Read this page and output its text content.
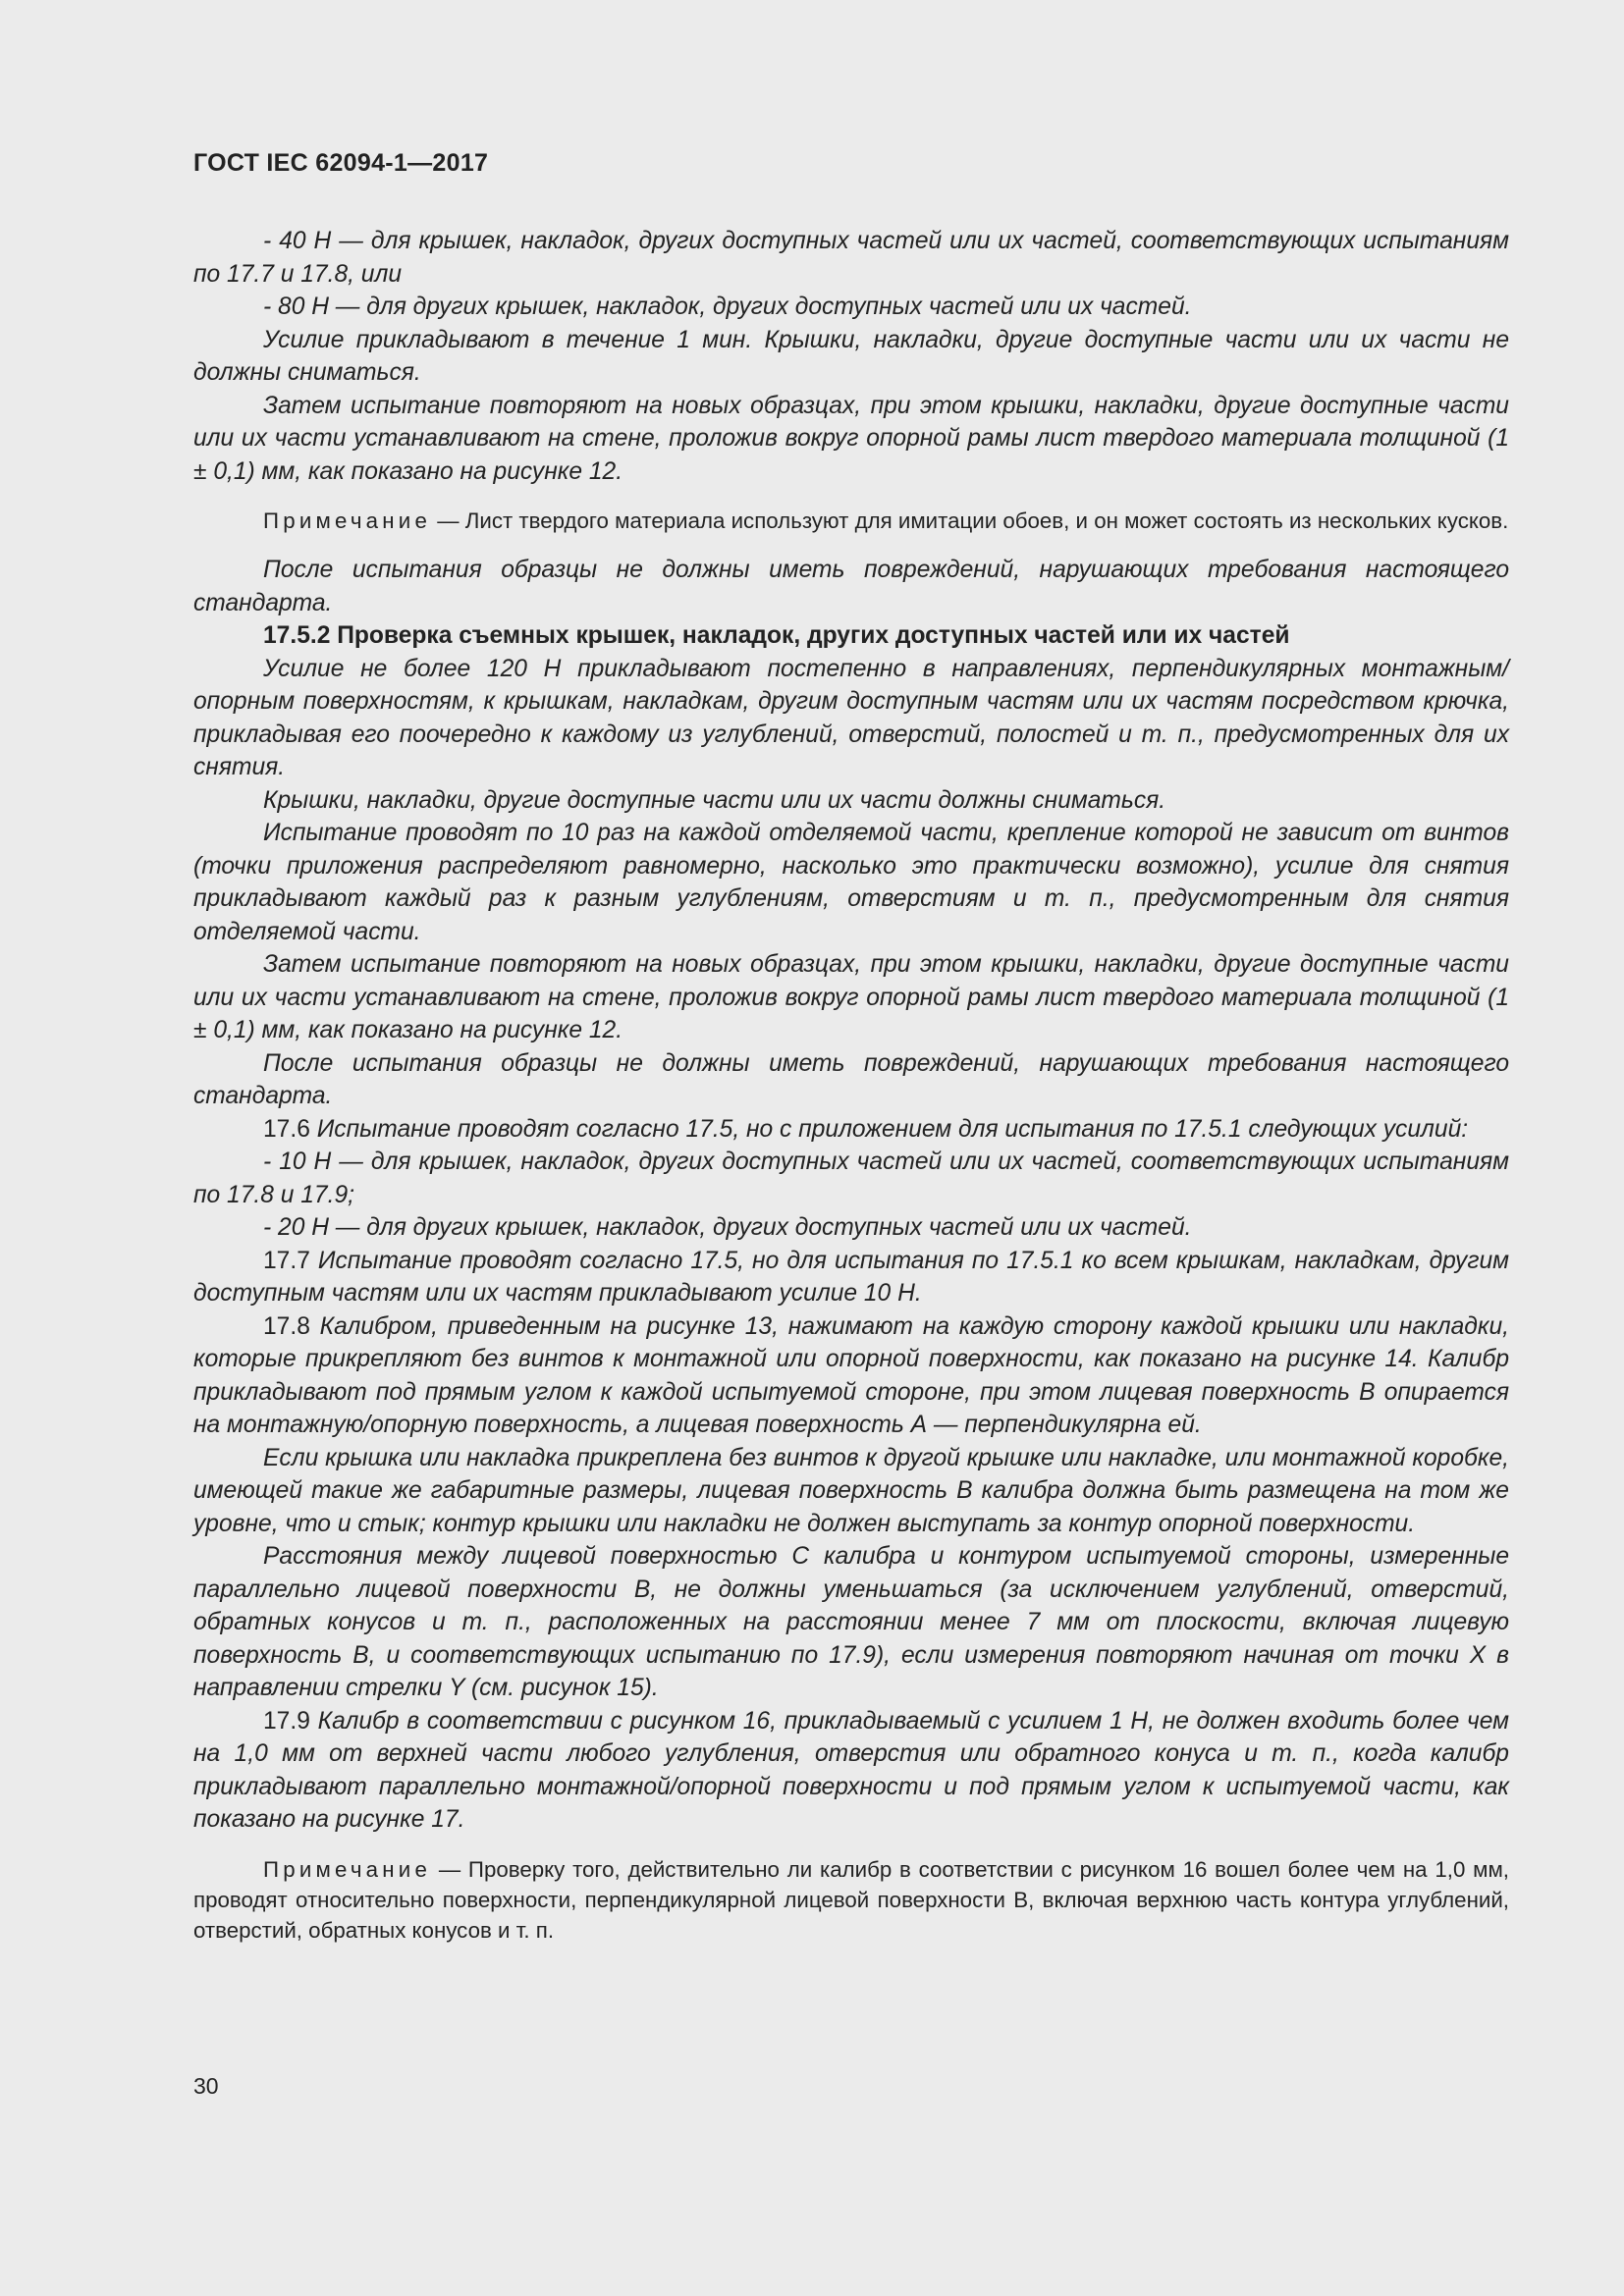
ГОСТ IEC 62094-1—2017

- 40 Н — для крышек, накладок, других доступных частей или их частей, соответствующих испытаниям по 17.7 и 17.8, или

- 80 Н — для других крышек, накладок, других доступных частей или их частей.

Усилие прикладывают в течение 1 мин. Крышки, накладки, другие доступные части или их части не должны сниматься.

Затем испытание повторяют на новых образцах, при этом крышки, накладки, другие доступные части или их части устанавливают на стене, проложив вокруг опорной рамы лист твердого материала толщиной (1 ± 0,1) мм, как показано на рисунке 12.

Примечание — Лист твердого материала используют для имитации обоев, и он может состоять из нескольких кусков.

После испытания образцы не должны иметь повреждений, нарушающих требования настоящего стандарта.

17.5.2 Проверка съемных крышек, накладок, других доступных частей или их частей

Усилие не более 120 Н прикладывают постепенно в направлениях, перпендикулярных монтажным/опорным поверхностям, к крышкам, накладкам, другим доступным частям или их частям посредством крючка, прикладывая его поочередно к каждому из углублений, отверстий, полостей и т. п., предусмотренных для их снятия.

Крышки, накладки, другие доступные части или их части должны сниматься.

Испытание проводят по 10 раз на каждой отделяемой части, крепление которой не зависит от винтов (точки приложения распределяют равномерно, насколько это практически возможно), усилие для снятия прикладывают каждый раз к разным углублениям, отверстиям и т. п., предусмотренным для снятия отделяемой части.

Затем испытание повторяют на новых образцах, при этом крышки, накладки, другие доступные части или их части устанавливают на стене, проложив вокруг опорной рамы лист твердого материала толщиной (1 ± 0,1) мм, как показано на рисунке 12.

После испытания образцы не должны иметь повреждений, нарушающих требования настоящего стандарта.

17.6 Испытание проводят согласно 17.5, но с приложением для испытания по 17.5.1 следующих усилий:

- 10 Н — для крышек, накладок, других доступных частей или их частей, соответствующих испытаниям по 17.8 и 17.9;

- 20 Н — для других крышек, накладок, других доступных частей или их частей.

17.7 Испытание проводят согласно 17.5, но для испытания по 17.5.1 ко всем крышкам, накладкам, другим доступным частям или их частям прикладывают усилие 10 Н.

17.8 Калибром, приведенным на рисунке 13, нажимают на каждую сторону каждой крышки или накладки, которые прикрепляют без винтов к монтажной или опорной поверхности, как показано на рисунке 14. Калибр прикладывают под прямым углом к каждой испытуемой стороне, при этом лицевая поверхность В опирается на монтажную/опорную поверхность, а лицевая поверхность А — перпендикулярна ей.

Если крышка или накладка прикреплена без винтов к другой крышке или накладке, или монтажной коробке, имеющей такие же габаритные размеры, лицевая поверхность В калибра должна быть размещена на том же уровне, что и стык; контур крышки или накладки не должен выступать за контур опорной поверхности.

Расстояния между лицевой поверхностью С калибра и контуром испытуемой стороны, измеренные параллельно лицевой поверхности В, не должны уменьшаться (за исключением углублений, отверстий, обратных конусов и т. п., расположенных на расстоянии менее 7 мм от плоскости, включая лицевую поверхность В, и соответствующих испытанию по 17.9), если измерения повторяют начиная от точки Х в направлении стрелки Y (см. рисунок 15).

17.9 Калибр в соответствии с рисунком 16, прикладываемый с усилием 1 Н, не должен входить более чем на 1,0 мм от верхней части любого углубления, отверстия или обратного конуса и т. п., когда калибр прикладывают параллельно монтажной/опорной поверхности и под прямым углом к испытуемой части, как показано на рисунке 17.

Примечание — Проверку того, действительно ли калибр в соответствии с рисунком 16 вошел более чем на 1,0 мм, проводят относительно поверхности, перпендикулярной лицевой поверхности В, включая верхнюю часть контура углублений, отверстий, обратных конусов и т. п.

30
